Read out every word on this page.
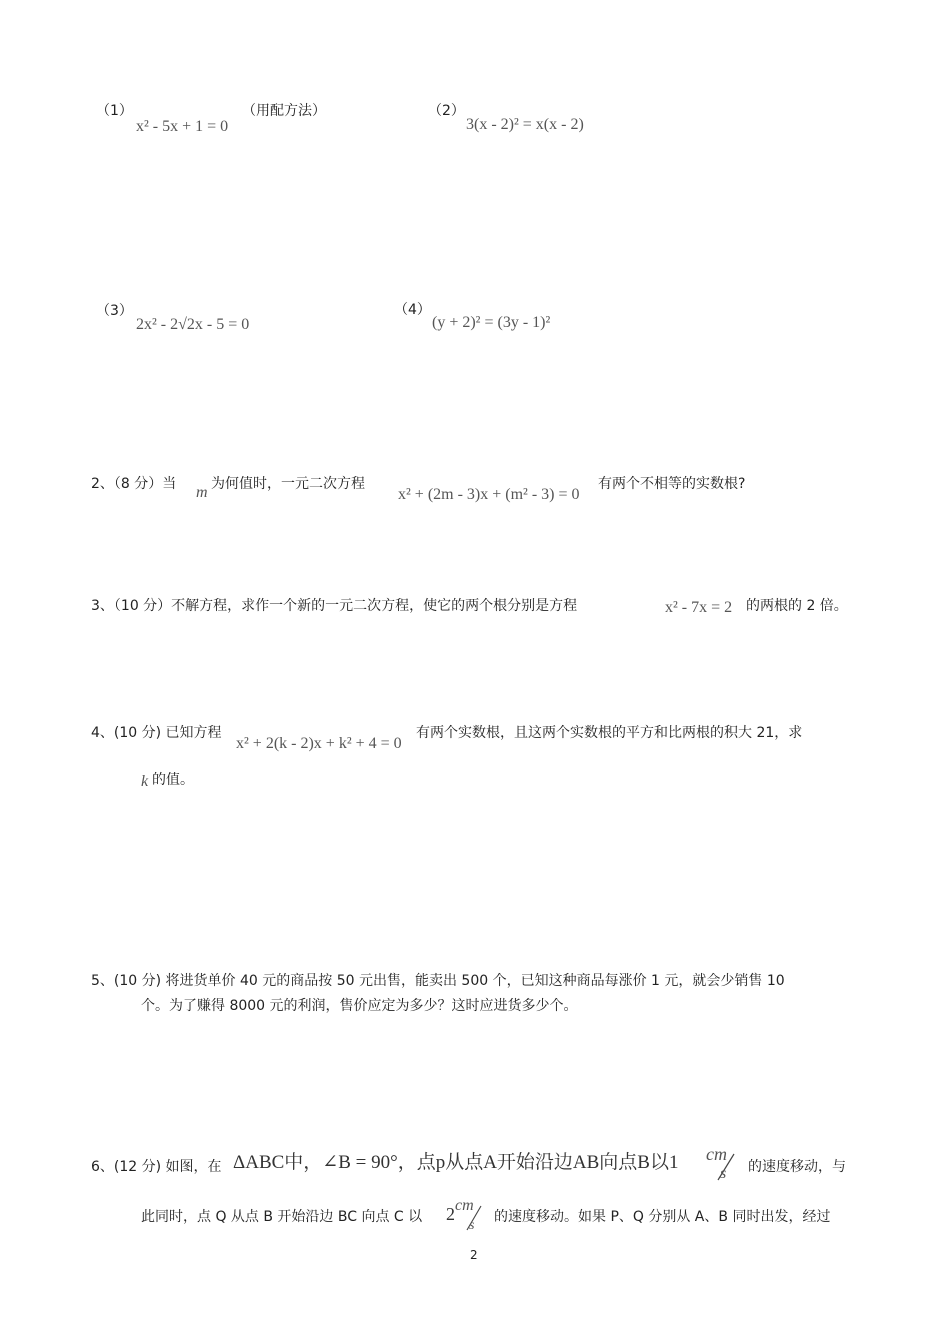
（1）
x² - 5x + 1 = 0
（用配方法）	（2）
3(x - 2)² = x(x - 2)
（3）
2x² - 2√2x - 5 = 0
（4）
(y + 2)² = (3y - 1)²
2、（8 分）当 m 为何值时，一元二次方程
x² + (2m - 3)x + (m² - 3) = 0
有两个不相等的实数根?
3、（10 分）不解方程，求作一个新的一元二次方程，使它的两个根分别是方程	x² - 7x = 2 的两根的 2 倍。
4、(10 分) 已知方程
x² + 2(k - 2)x + k² + 4 = 0
有两个实数根，且这两个实数根的平方和比两根的积大 21，求
k 的值。
5、(10 分) 将进货单价 40 元的商品按 50 元出售，能卖出 500 个，已知这种商品每涨价 1 元，就会少销售 10
个。为了赚得 8000 元的利润，售价应定为多少？这时应进货多少个。
6、(12 分) 如图，在 ΔABC中，∠B = 90°，点p从点A开始沿边AB向点B以1 cm
s 的速度移动，与
此同时，点 Q 从点 B 开始沿边 BC 向点 C 以 2 cm
s
的速度移动。如果 P、Q 分别从 A、B 同时出发，经过
2
